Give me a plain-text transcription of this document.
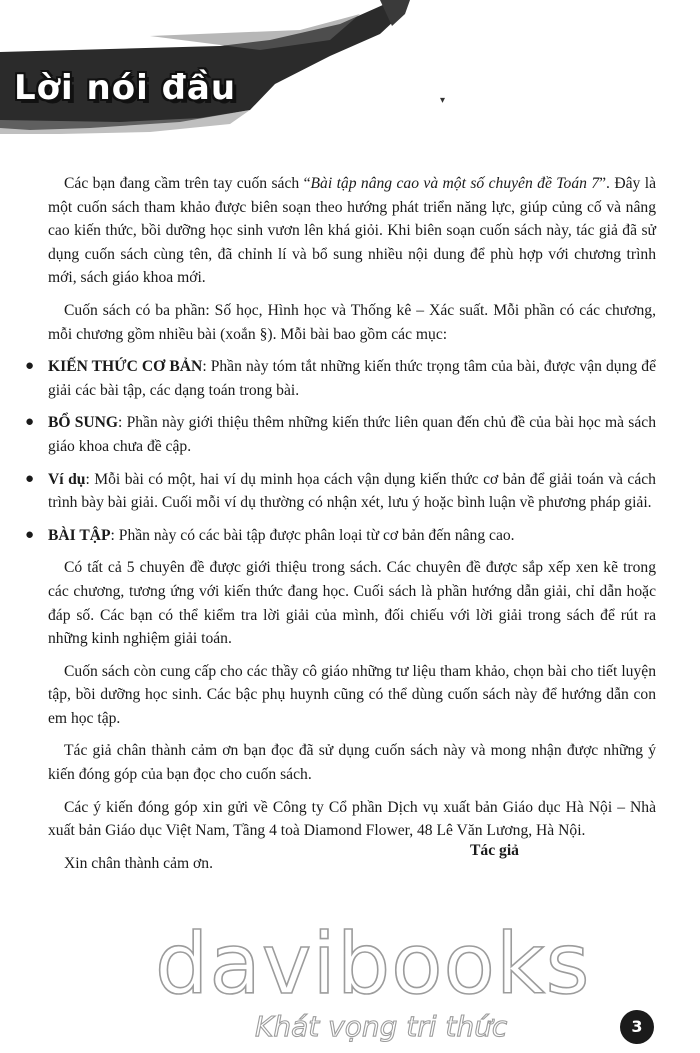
Lời nói đầu	▾

Các bạn đang cầm trên tay cuốn sách “Bài tập nâng cao và một số chuyên đề Toán 7”. Đây là một cuốn sách tham khảo được biên soạn theo hướng phát triển năng lực, giúp củng cố và nâng cao kiến thức, bồi dưỡng học sinh vươn lên khá giỏi. Khi biên soạn cuốn sách này, tác giả đã sử dụng cuốn sách cùng tên, đã chỉnh lí và bổ sung nhiều nội dung để phù hợp với chương trình mới, sách giáo khoa mới.

Cuốn sách có ba phần: Số học, Hình học và Thống kê – Xác suất. Mỗi phần có các chương, mỗi chương gồm nhiều bài (xoắn §). Mỗi bài bao gồm các mục:

● KIẾN THỨC CƠ BẢN: Phần này tóm tắt những kiến thức trọng tâm của bài, được vận dụng để giải các bài tập, các dạng toán trong bài.
● BỔ SUNG: Phần này giới thiệu thêm những kiến thức liên quan đến chủ đề của bài học mà sách giáo khoa chưa đề cập.
● Ví dụ: Mỗi bài có một, hai ví dụ minh họa cách vận dụng kiến thức cơ bản để giải toán và cách trình bày bài giải. Cuối mỗi ví dụ thường có nhận xét, lưu ý hoặc bình luận về phương pháp giải.
● BÀI TẬP: Phần này có các bài tập được phân loại từ cơ bản đến nâng cao.

Có tất cả 5 chuyên đề được giới thiệu trong sách. Các chuyên đề được sắp xếp xen kẽ trong các chương, tương ứng với kiến thức đang học. Cuối sách là phần hướng dẫn giải, chỉ dẫn hoặc đáp số. Các bạn có thể kiểm tra lời giải của mình, đối chiếu với lời giải trong sách để rút ra những kinh nghiệm giải toán.

Cuốn sách còn cung cấp cho các thầy cô giáo những tư liệu tham khảo, chọn bài cho tiết luyện tập, bồi dưỡng học sinh. Các bậc phụ huynh cũng có thể dùng cuốn sách này để hướng dẫn con em học tập.

Tác giả chân thành cảm ơn bạn đọc đã sử dụng cuốn sách này và mong nhận được những ý kiến đóng góp của bạn đọc cho cuốn sách.

Các ý kiến đóng góp xin gửi về Công ty Cổ phần Dịch vụ xuất bản Giáo dục Hà Nội – Nhà xuất bản Giáo dục Việt Nam, Tầng 4 toà Diamond Flower, 48 Lê Văn Lương, Hà Nội.

Xin chân thành cảm ơn.

Tác giả
davibooks
Khát vọng tri thức	3
